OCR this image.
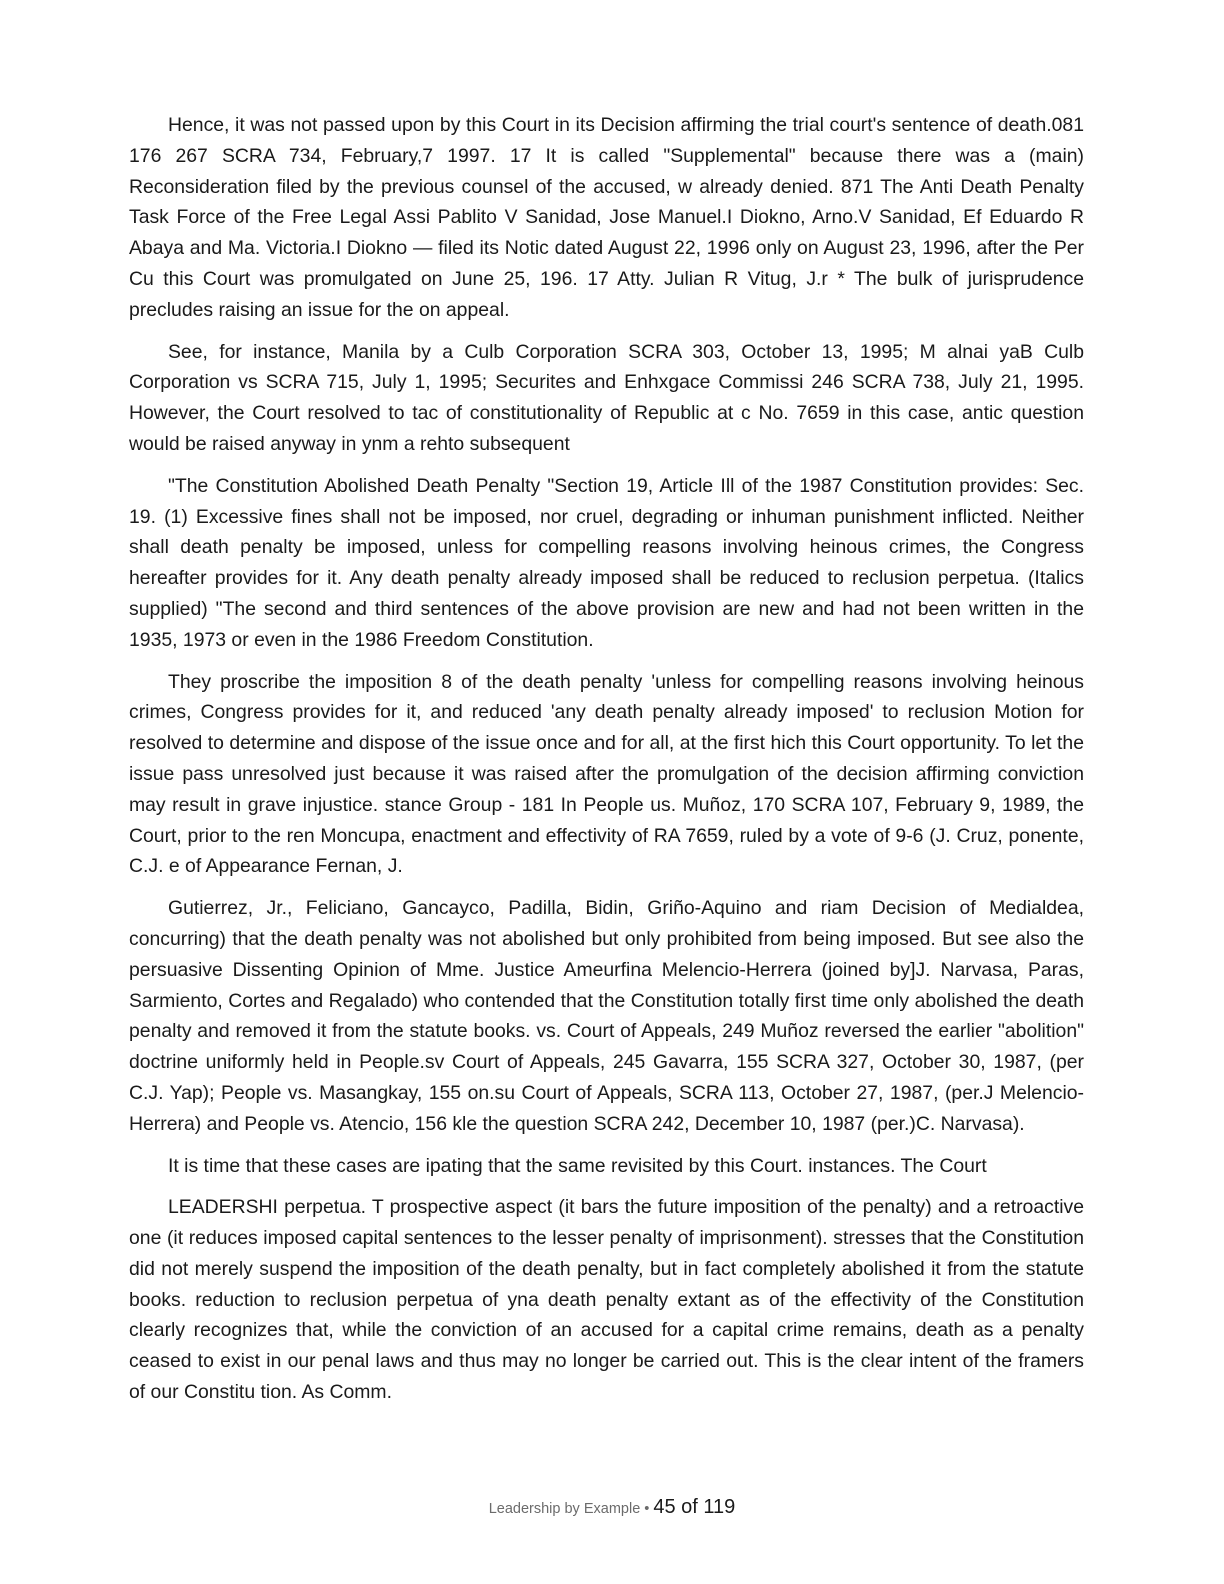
Hence, it was not passed upon by this Court in its Decision affirming the trial court's sentence of death.081 176 267 SCRA 734, February,7 1997. 17 It is called "Supplemental" because there was a (main) Reconsideration filed by the previous counsel of the accused, w already denied. 871 The Anti Death Penalty Task Force of the Free Legal Assi Pablito V Sanidad, Jose Manuel.I Diokno, Arno.V Sanidad, Ef Eduardo R Abaya and Ma. Victoria.I Diokno — filed its Notic dated August 22, 1996 only on August 23, 1996, after the Per Cu this Court was promulgated on June 25, 196. 17 Atty. Julian R Vitug, J.r * The bulk of jurisprudence precludes raising an issue for the on appeal.

See, for instance, Manila by a Culb Corporation SCRA 303, October 13, 1995; M alnai yaB Culb Corporation vs SCRA 715, July 1, 1995; Securites and Enhxgace Commissi 246 SCRA 738, July 21, 1995. However, the Court resolved to tac of constitutionality of Republic at c No. 7659 in this case, antic question would be raised anyway in ynm a rehto subsequent

"The Constitution Abolished Death Penalty "Section 19, Article Ill of the 1987 Constitution provides: Sec. 19. (1) Excessive fines shall not be imposed, nor cruel, degrading or inhuman punishment inflicted. Neither shall death penalty be imposed, unless for compelling reasons involving heinous crimes, the Congress hereafter provides for it. Any death penalty already imposed shall be reduced to reclusion perpetua. (Italics supplied) "The second and third sentences of the above provision are new and had not been written in the 1935, 1973 or even in the 1986 Freedom Constitution.

They proscribe the imposition 8 of the death penalty 'unless for compelling reasons involving heinous crimes, Congress provides for it, and reduced 'any death penalty already imposed' to reclusion Motion for resolved to determine and dispose of the issue once and for all, at the first hich this Court opportunity. To let the issue pass unresolved just because it was raised after the promulgation of the decision affirming conviction may result in grave injustice. stance Group - 181 In People us. Muñoz, 170 SCRA 107, February 9, 1989, the Court, prior to the ren Moncupa, enactment and effectivity of RA 7659, ruled by a vote of 9-6 (J. Cruz, ponente, C.J. e of Appearance Fernan, J.

Gutierrez, Jr., Feliciano, Gancayco, Padilla, Bidin, Griño-Aquino and riam Decision of Medialdea, concurring) that the death penalty was not abolished but only prohibited from being imposed. But see also the persuasive Dissenting Opinion of Mme. Justice Ameurfina Melencio-Herrera (joined by]J. Narvasa, Paras, Sarmiento, Cortes and Regalado) who contended that the Constitution totally first time only abolished the death penalty and removed it from the statute books. vs. Court of Appeals, 249 Muñoz reversed the earlier "abolition" doctrine uniformly held in People.sv Court of Appeals, 245 Gavarra, 155 SCRA 327, October 30, 1987, (per C.J. Yap); People vs. Masangkay, 155 on.su Court of Appeals, SCRA 113, October 27, 1987, (per.J Melencio-Herrera) and People vs. Atencio, 156 kle the question SCRA 242, December 10, 1987 (per.)C. Narvasa).

It is time that these cases are ipating that the same revisited by this Court. instances. The Court

LEADERSHI perpetua. T prospective aspect (it bars the future imposition of the penalty) and a retroactive one (it reduces imposed capital sentences to the lesser penalty of imprisonment). stresses that the Constitution did not merely suspend the imposition of the death penalty, but in fact completely abolished it from the statute books. reduction to reclusion perpetua of yna death penalty extant as of the effectivity of the Constitution clearly recognizes that, while the conviction of an accused for a capital crime remains, death as a penalty ceased to exist in our penal laws and thus may no longer be carried out. This is the clear intent of the framers of our Constitu tion. As Comm.

Leadership by Example • 45 of 119
